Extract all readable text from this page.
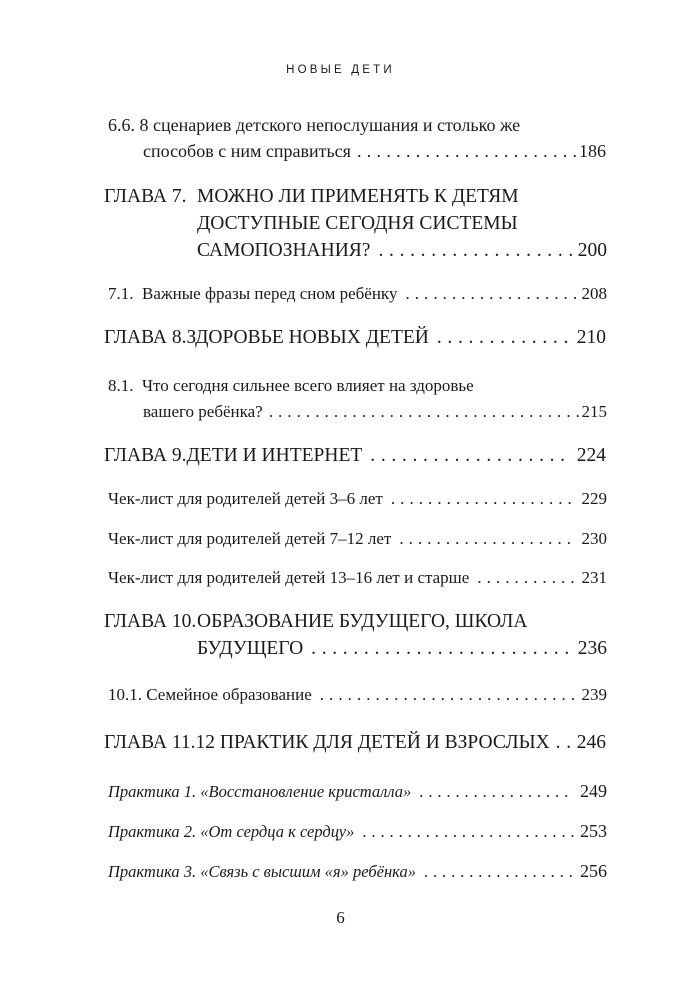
НОВЫЕ ДЕТИ
6.6.
8 сценариев детского непослушания и столько же
способов с ним справиться . . .	186
ГЛАВА 7. МОЖНО ЛИ ПРИМЕНЯТЬ К ДЕТЯМ
ДОСТУПНЫЕ СЕГОДНЯ СИСТЕМЫ
САМОПОЗНАНИЯ? . . .	200
7.1.
Важные фразы перед сном ребёнку . . .	208
ГЛАВА 8. ЗДОРОВЬЕ НОВЫХ ДЕТЕЙ . . .	210
8.1.
Что сегодня сильнее всего влияет на здоровье
вашего ребёнка? . . .	215
ГЛАВА 9. ДЕТИ И ИНТЕРНЕТ . . .	224
Чек-лист для родителей детей 3–6 лет . . .	229
Чек-лист для родителей детей 7–12 лет . . .	230
Чек-лист для родителей детей 13–16 лет и старше . . .	231
ГЛАВА 10. ОБРАЗОВАНИЕ БУДУЩЕГО, ШКОЛА
БУДУЩЕГО . . .	236
10.1.
Семейное образование . . .	239
ГЛАВА 11. 12 ПРАКТИК ДЛЯ ДЕТЕЙ И ВЗРОСЛЫХ . . . 246
Практика 1. «Восстановление кристалла» . . .	249
Практика 2. «От сердца к сердцу» . . .	253
Практика 3. «Связь с высшим «я» ребёнка» . . .	256
6
